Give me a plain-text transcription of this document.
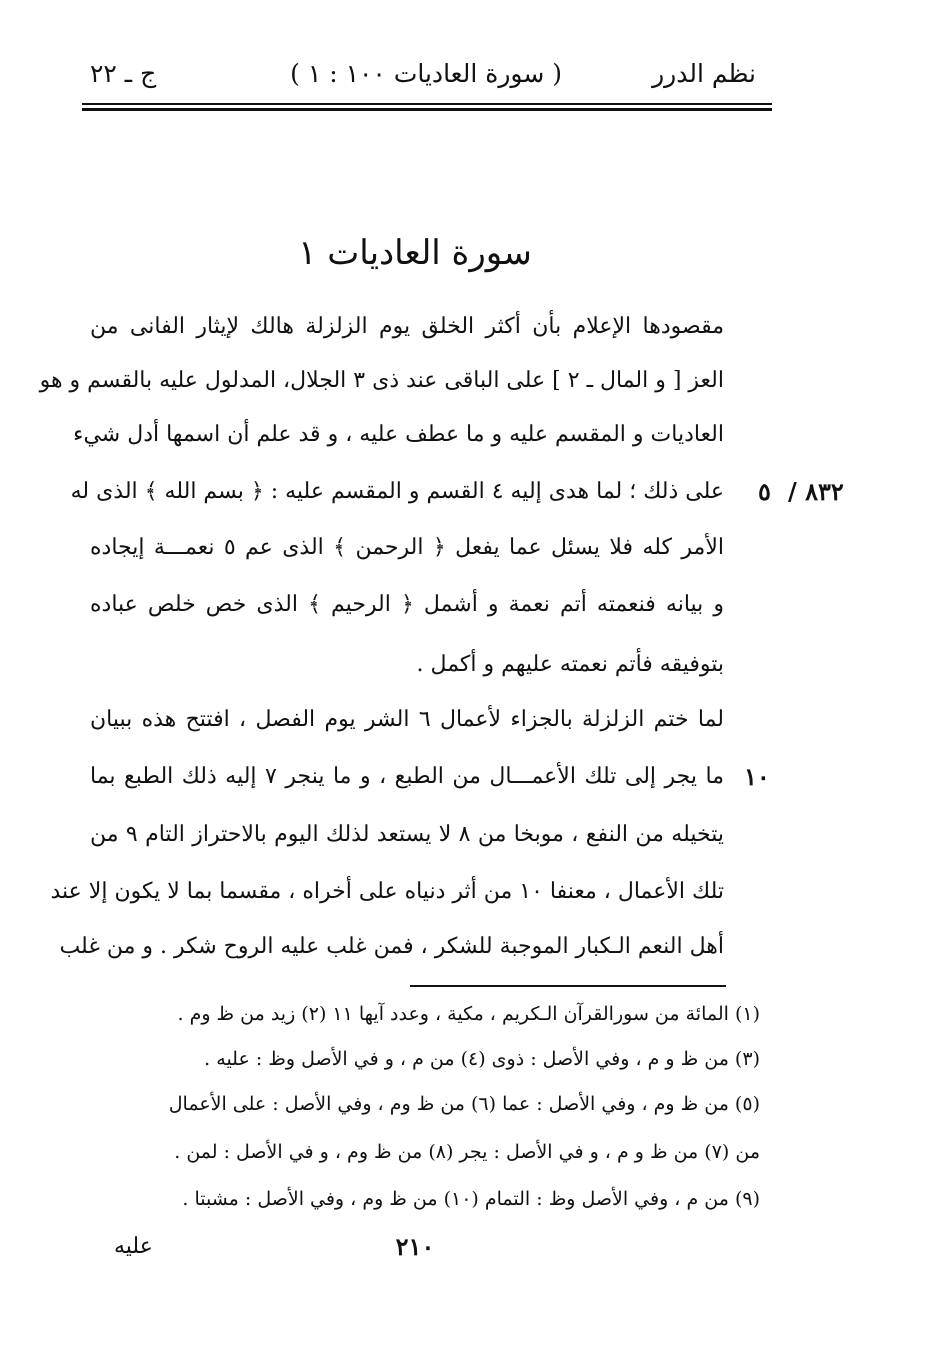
نظم الدرر
( سورة العاديات ١٠٠ : ١ )
ج ـ ٢٢
سورة العاديات ١
مقصودها الإعلام بأن أكثر الخلق يوم الزلزلة هالك لإيثار الفانى من
العز [ و المال ـ ٢ ] على الباقى عند ذى ٣ الجلال، المدلول عليه بالقسم و هو
العاديات و المقسم عليه و ما عطف عليه ، و قد علم أن اسمها أدل شيء
على ذلك ؛ لما هدى إليه ٤ القسم و المقسم عليه : ﴿ بسم الله ﴾ الذى له
الأمر كله فلا يسئل عما يفعل ﴿ الرحمن ﴾ الذى عم ٥ نعمـــة إيجاده
و بيانه فنعمته أتم نعمة و أشمل ﴿ الرحيم ﴾ الذى خص خلص عباده
بتوفيقه فأتم نعمته عليهم و أكمل .
لما ختم الزلزلة بالجزاء لأعمال ٦ الشر يوم الفصل ، افتتح هذه ببيان
ما يجر إلى تلك الأعمـــال من الطبع ، و ما ينجر ٧ إليه ذلك الطبع بما
يتخيله من النفع ، موبخا من ٨ لا يستعد لذلك اليوم بالاحتراز التام ٩ من
تلك الأعمال ، معنفا ١٠ من أثر دنياه على أخراه ، مقسما بما لا يكون إلا عند
أهل النعم الـكبار الموجبة للشكر ، فمن غلب عليه الروح شكر . و من غلب
٨٣٢ /
٥
١٠
(١) المائة من سورالقرآن الـكريم ، مكية ، وعدد آيها ١١ (٢) زيد من ظ وم .
(٣) من ظ و م ، وفي الأصل : ذوى (٤) من م ، و في الأصل وظ : عليه .
(٥) من ظ وم ، وفي الأصل : عما (٦) من ظ وم ، وفي الأصل : على الأعمال
من (٧) من ظ و م ، و في الأصل : يجر (٨) من ظ وم ، و في الأصل : لمن .
(٩) من م ، وفي الأصل وظ : التمام (١٠) من ظ وم ، وفي الأصل : مشبتا .
٢١٠
عليه
